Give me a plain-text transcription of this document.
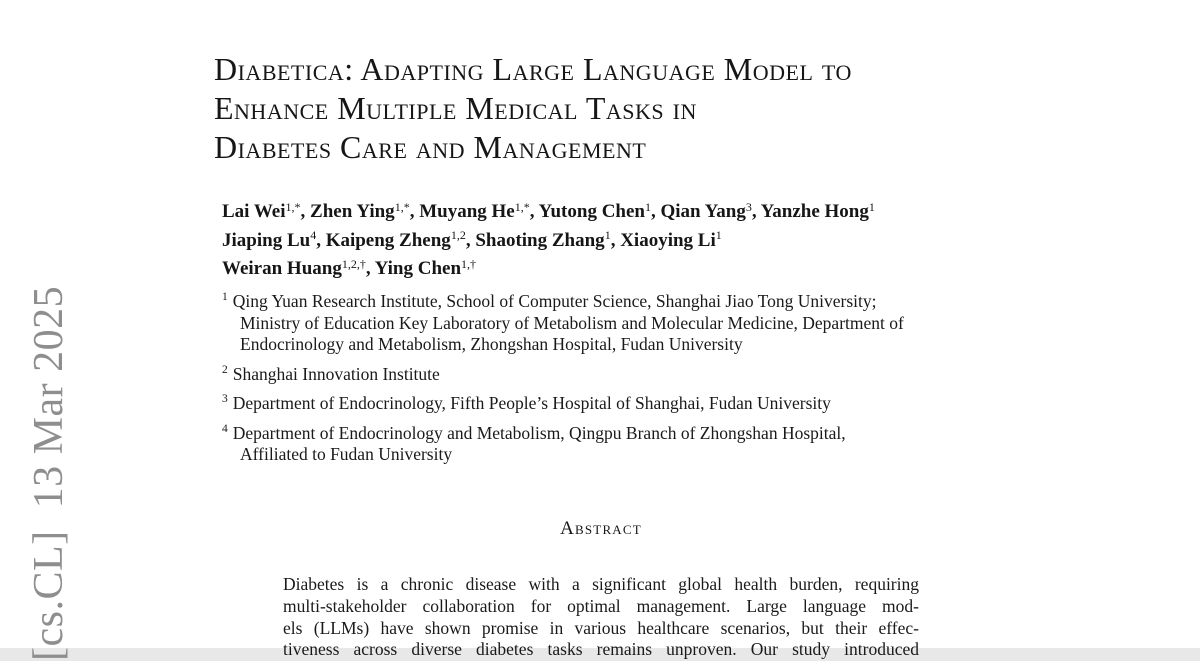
[cs.CL]  13 Mar 2025
Diabetica: Adapting Large Language Model to
Enhance Multiple Medical Tasks in
Diabetes Care and Management
Lai Wei$^{1,*}$, Zhen Ying$^{1,*}$, Muyang $He^{1,*}$, Yutong Chen$^1$, Qian Yang$^3$, Yanzhe Hong$^1$
Jiaping Lu$^4$, Kaipeng Zheng$^{1,2}$, Shaoting Zhang$^1$, Xiaoying Li$^1$
Weiran Huang$^{1,2,\dagger}$, Ying Chen$^{1,\dagger}$
$^1$ Qing Yuan Research Institute, School of Computer Science, Shanghai Jiao Tong University;
Ministry of Education Key Laboratory of Metabolism and Molecular Medicine, Department of
Endocrinology and Metabolism, Zhongshan Hospital, Fudan University
$^2$ Shanghai Innovation Institute
$^3$ Department of Endocrinology, Fifth People’s Hospital of Shanghai, Fudan University
$^4$ Department of Endocrinology and Metabolism, Qingpu Branch of Zhongshan Hospital,
Affiliated to Fudan University
Abstract
Diabetes is a chronic disease with a significant global health burden, requiring
multi-stakeholder collaboration for optimal management. Large language mod-
els (LLMs) have shown promise in various healthcare scenarios, but their effec-
tiveness across diverse diabetes tasks remains unproven. Our study introduced
